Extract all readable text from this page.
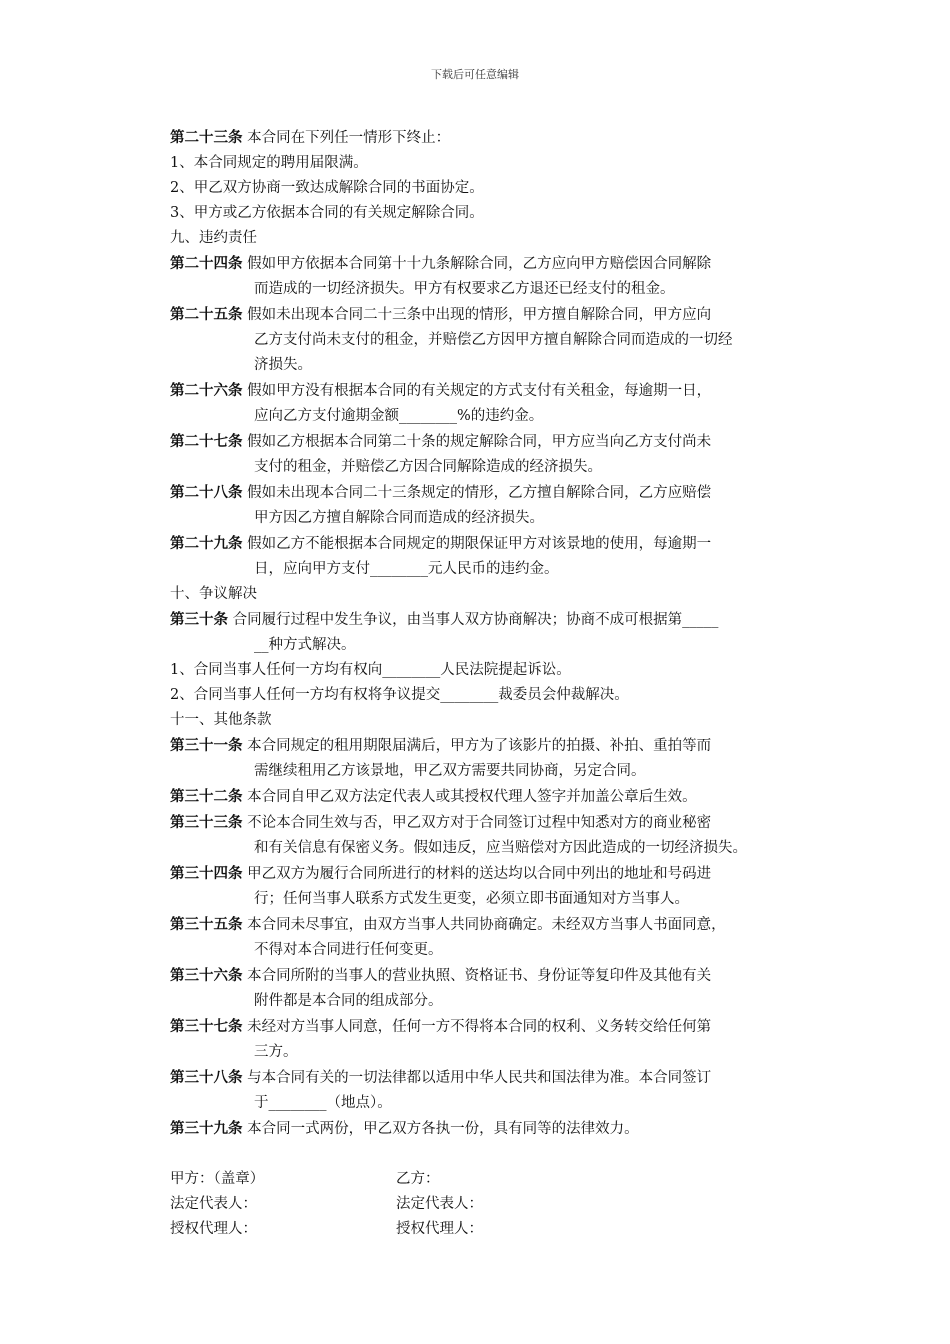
下载后可任意编辑
第二十三条 本合同在下列任一情形下终止：
1、本合同规定的聘用届限满。
2、甲乙双方协商一致达成解除合同的书面协定。
3、甲方或乙方依据本合同的有关规定解除合同。
九、违约责任
第二十四条 假如甲方依据本合同第十十九条解除合同，乙方应向甲方赔偿因合同解除
而造成的一切经济损失。甲方有权要求乙方退还已经支付的租金。
第二十五条 假如未出现本合同二十三条中出现的情形，甲方擅自解除合同，甲方应向
乙方支付尚未支付的租金，并赔偿乙方因甲方擅自解除合同而造成的一切经
济损失。
第二十六条 假如甲方没有根据本合同的有关规定的方式支付有关租金，每逾期一日，
应向乙方支付逾期金额________%的违约金。
第二十七条 假如乙方根据本合同第二十条的规定解除合同，甲方应当向乙方支付尚未
支付的租金，并赔偿乙方因合同解除造成的经济损失。
第二十八条 假如未出现本合同二十三条规定的情形，乙方擅自解除合同，乙方应赔偿
甲方因乙方擅自解除合同而造成的经济损失。
第二十九条 假如乙方不能根据本合同规定的期限保证甲方对该景地的使用，每逾期一
日，应向甲方支付________元人民币的违约金。
十、争议解决
第三十条 合同履行过程中发生争议，由当事人双方协商解决；协商不成可根据第_____
__种方式解决。
1、合同当事人任何一方均有权向________人民法院提起诉讼。
2、合同当事人任何一方均有权将争议提交________裁委员会仲裁解决。
十一、其他条款
第三十一条 本合同规定的租用期限届满后，甲方为了该影片的拍摄、补拍、重拍等而
需继续租用乙方该景地，甲乙双方需要共同协商，另定合同。
第三十二条 本合同自甲乙双方法定代表人或其授权代理人签字并加盖公章后生效。
第三十三条 不论本合同生效与否，甲乙双方对于合同签订过程中知悉对方的商业秘密
和有关信息有保密义务。假如违反，应当赔偿对方因此造成的一切经济损失。
第三十四条 甲乙双方为履行合同所进行的材料的送达均以合同中列出的地址和号码进
行；任何当事人联系方式发生更变，必须立即书面通知对方当事人。
第三十五条 本合同未尽事宜，由双方当事人共同协商确定。未经双方当事人书面同意，
不得对本合同进行任何变更。
第三十六条 本合同所附的当事人的营业执照、资格证书、身份证等复印件及其他有关
附件都是本合同的组成部分。
第三十七条 未经对方当事人同意，任何一方不得将本合同的权利、义务转交给任何第
三方。
第三十八条 与本合同有关的一切法律都以适用中华人民共和国法律为准。本合同签订
于________（地点）。
第三十九条 本合同一式两份，甲乙双方各执一份，具有同等的法律效力。
甲方：（盖章）	乙方：
法定代表人：	法定代表人：
授权代理人：	授权代理人：
